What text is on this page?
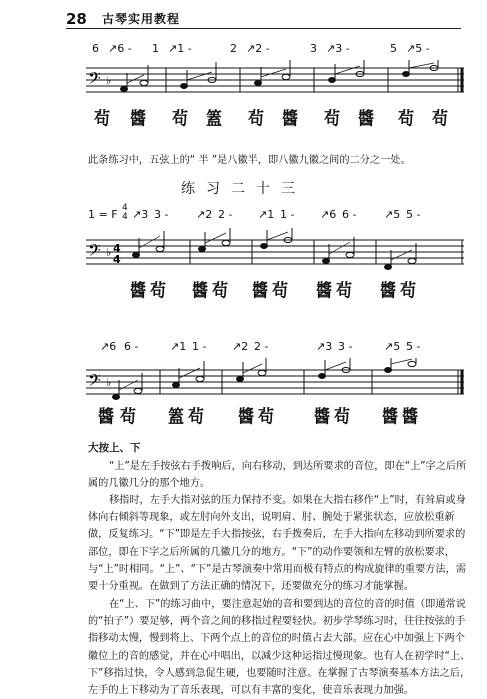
28 古琴实用教程
6 ↗6 - 1 ↗1 -	2 ↗2 -	3 ↗3 -	5 ↗5 -
𝄢 ♭
茍 醬 茍 篕 茍 醬 茍 醬 茍 茍
此条练习中，五弦上的“ 半 ”是八徽半，即八徽九徽之间的二分之一处。
练习二十三
1 = F 4
4 ↗3 3 -	↗2 2 - ↗1 1 - ↗6 6 -	↗5 5 -
𝄢 ♭ 4
4
醬 茍 醬 茍 醬 茍 醬 茍 醬 茍
↗6 6 -	↗1 1 - ↗2 2 -	↗3 3 -	↗5 5 -
𝄢 ♭
醬 茍 篕 茍 醬 茍	醬 茍 醬 醬
大按上、下
“上”是左手按弦右手拨响后，向右移动，到达所要求的音位，即在“上”字之后所属的几徽几分的那个地方。
移指时，左手大指对弦的压力保持不变。如果在大指右移作“上”时，有耸肩或身体向右倾斜等现象，或左肘向外支出，说明肩、肘、腕处于紧张状态，应放松重新做，反复练习。“下”即是左手大指按弦，右手拨奏后，左手大指向左移动到所要求的部位，即在下字之后所属的几徽几分的地方。“下”的动作要领和左臂的放松要求，与“上”时相同。“上”、“下”是古琴演奏中常用而极有特点的构成旋律的重要方法，需要十分重视。在做到了方法正确的情况下，还要做充分的练习才能掌握。
在“上、下”的练习曲中，要注意起始的音和要到达的音位的音的时值（即通常说的“拍子”）要足够，两个音之间的移指过程要轻快。初步学琴练习时，往往按弦的手指移动太慢，慢到将上、下两个点上的音位的时值占去大部。应在心中加强上下两个徽位上的音的感觉，并在心中唱出，以减少这种运指过慢现象。也有人在初学时“上、下”移指过快，令人感到急促生硬，也要随时注意。在掌握了古琴演奏基本方法之后，左手的上下移动为了音乐表现，可以有丰富的变化，使音乐表现力加强。
